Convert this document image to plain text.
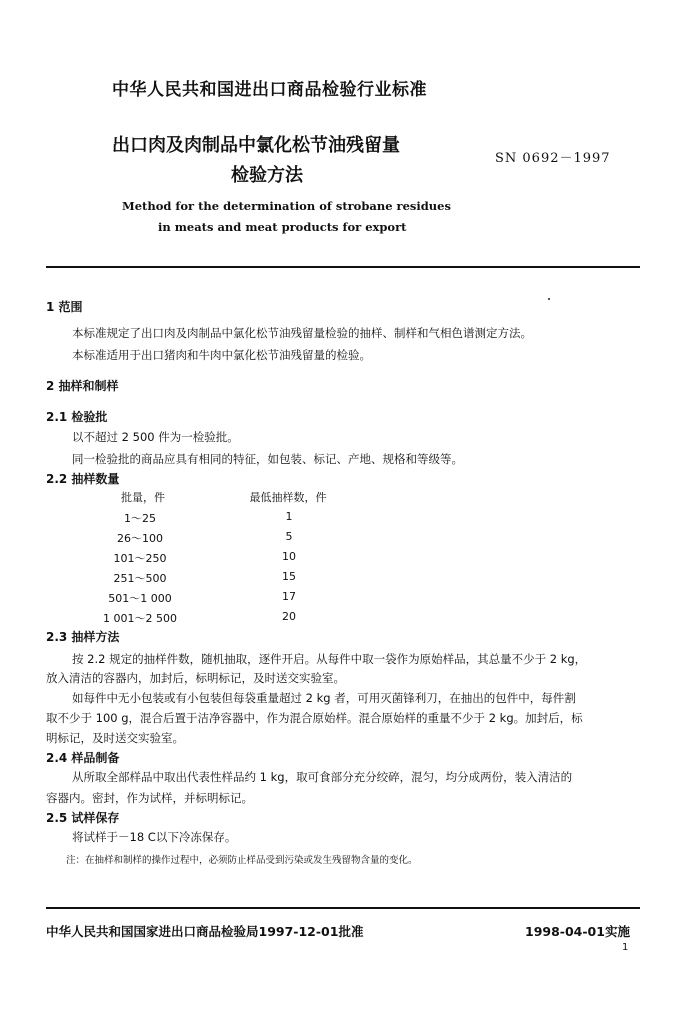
中华人民共和国进出口商品检验行业标准
出口肉及肉制品中氯化松节油残留量
检验方法
SN 0692－1997
Method for the determination of strobane residues
in meats and meat products for export
1 范围
本标准规定了出口肉及肉制品中氯化松节油残留量检验的抽样、制样和气相色谱测定方法。
本标准适用于出口猪肉和牛肉中氯化松节油残留量的检验。
2 抽样和制样
2.1 检验批
以不超过 2 500 件为一检验批。
同一检验批的商品应具有相同的特征，如包装、标记、产地、规格和等级等。
2.2 抽样数量
批量，件	最低抽样数，件
1～25	1
26～100	5
101～250	10
251～500	15
501～1 000	17
1 001～2 500	20
2.3 抽样方法
按 2.2 规定的抽样件数，随机抽取，逐件开启。从每件中取一袋作为原始样品，其总量不少于 2 kg，
放入清洁的容器内，加封后，标明标记，及时送交实验室。
如每件中无小包装或有小包装但每袋重量超过 2 kg 者，可用灭菌锋利刀，在抽出的包件中，每件割
取不少于 100 g，混合后置于洁净容器中，作为混合原始样。混合原始样的重量不少于 2 kg。加封后，标
明标记，及时送交实验室。
2.4 样品制备
从所取全部样品中取出代表性样品约 1 kg，取可食部分充分绞碎，混匀，均分成两份，装入清洁的
容器内。密封，作为试样，并标明标记。
2.5 试样保存
将试样于－18 C以下冷冻保存。
注：在抽样和制样的操作过程中，必须防止样品受到污染或发生残留物含量的变化。
中华人民共和国国家进出口商品检验局1997-12-01批准	1998-04-01实施
1
